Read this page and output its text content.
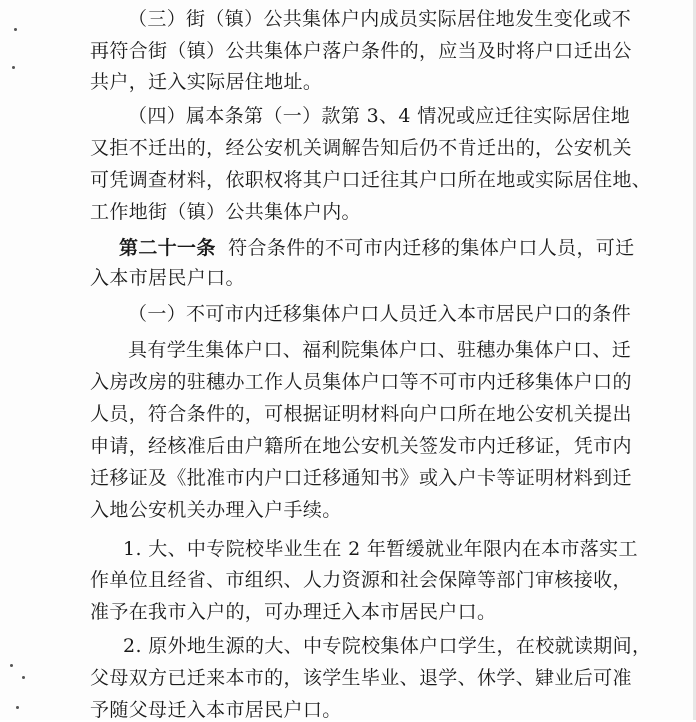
（三）街（镇）公共集体户内成员实际居住地发生变化或不
再符合街（镇）公共集体户落户条件的，应当及时将户口迁出公
共户，迁入实际居住地址。
（四）属本条第（一）款第 3、4 情况或应迁往实际居住地
又拒不迁出的，经公安机关调解告知后仍不肯迁出的，公安机关
可凭调查材料，依职权将其户口迁往其户口所在地或实际居住地、
工作地街（镇）公共集体户内。
第二十一条 符合条件的不可市内迁移的集体户口人员，可迁
入本市居民户口。
（一）不可市内迁移集体户口人员迁入本市居民户口的条件
具有学生集体户口、福利院集体户口、驻穗办集体户口、迁
入房改房的驻穗办工作人员集体户口等不可市内迁移集体户口的
人员，符合条件的，可根据证明材料向户口所在地公安机关提出
申请，经核准后由户籍所在地公安机关签发市内迁移证，凭市内
迁移证及《批准市内户口迁移通知书》或入户卡等证明材料到迁
入地公安机关办理入户手续。
1. 大、中专院校毕业生在 2 年暂缓就业年限内在本市落实工
作单位且经省、市组织、人力资源和社会保障等部门审核接收，
准予在我市入户的，可办理迁入本市居民户口。
2. 原外地生源的大、中专院校集体户口学生，在校就读期间，
父母双方已迁来本市的，该学生毕业、退学、休学、肄业后可准
予随父母迁入本市居民户口。
